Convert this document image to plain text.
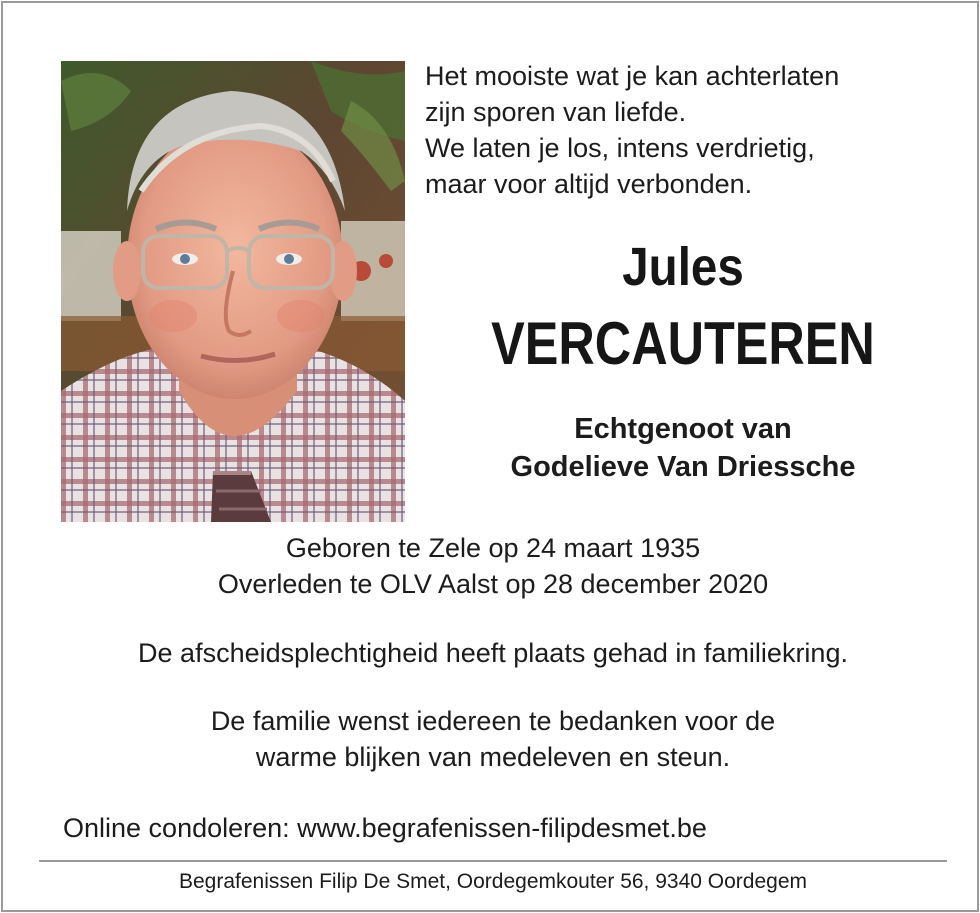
Het mooiste wat je kan achterlaten
zijn sporen van liefde.
We laten je los, intens verdrietig,
maar voor altijd verbonden.
Jules
VERCAUTEREN
Echtgenoot van
Godelieve Van Driessche
Geboren te Zele op 24 maart 1935
Overleden te OLV Aalst op 28 december 2020
De afscheidsplechtigheid heeft plaats gehad in familiekring.
De familie wenst iedereen te bedanken voor de
warme blijken van medeleven en steun.
Online condoleren: www.begrafenissen-filipdesmet.be
Begrafenissen Filip De Smet, Oordegemkouter 56, 9340 Oordegem
